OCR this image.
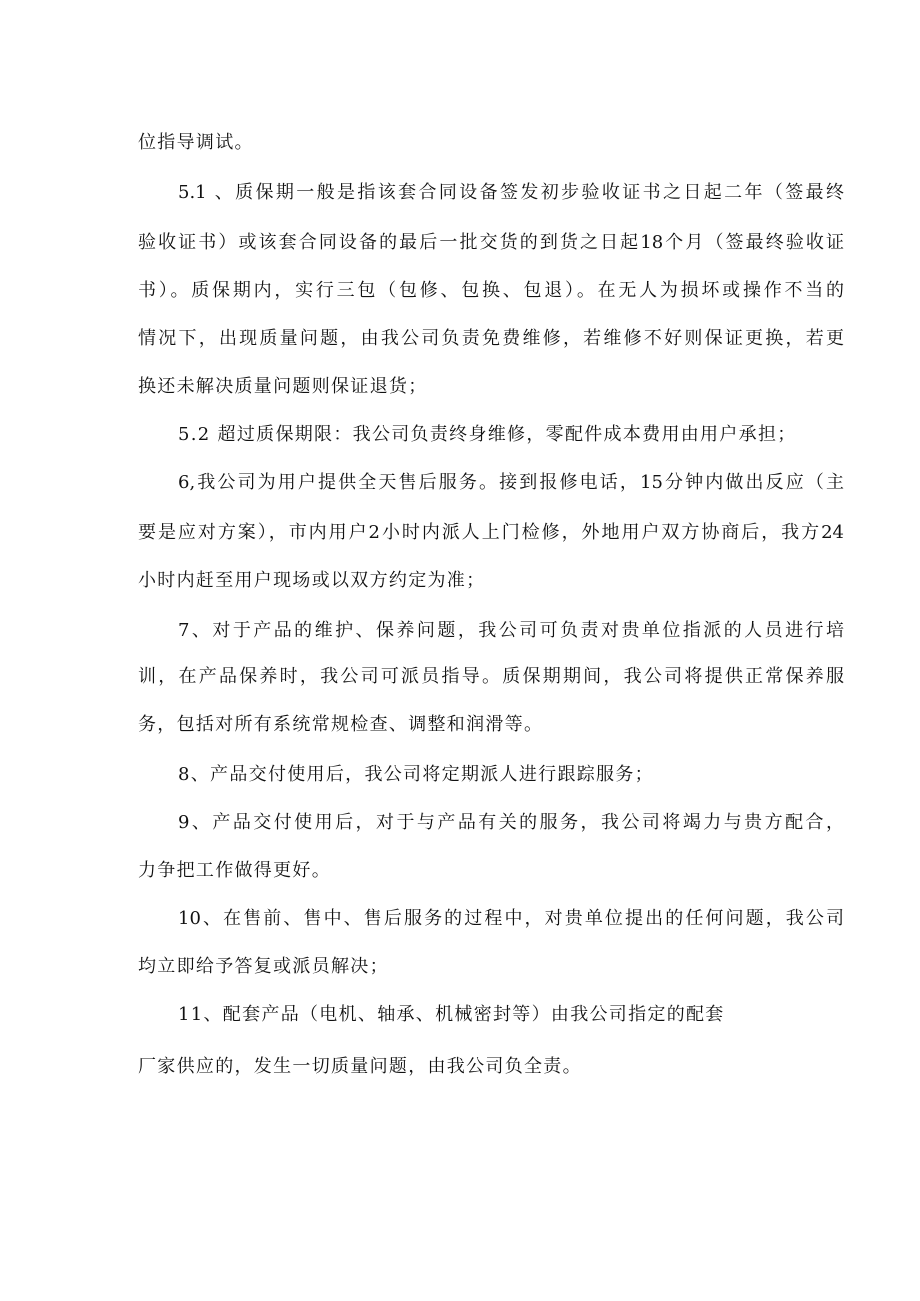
位指导调试。
5.1 、质保期一般是指该套合同设备签发初步验收证书之日起二年（签最终
验收证书）或该套合同设备的最后一批交货的到货之日起18个月（签最终验收证
书）。质保期内，实行三包（包修、包换、包退）。在无人为损坏或操作不当的
情况下，出现质量问题，由我公司负责免费维修，若维修不好则保证更换，若更
换还未解决质量问题则保证退货；
5.2 超过质保期限：我公司负责终身维修，零配件成本费用由用户承担；
6,我公司为用户提供全天售后服务。接到报修电话，15分钟内做出反应（主
要是应对方案），市内用户2小时内派人上门检修，外地用户双方协商后，我方24
小时内赶至用户现场或以双方约定为准；
7、对于产品的维护、保养问题，我公司可负责对贵单位指派的人员进行培
训，在产品保养时，我公司可派员指导。质保期期间，我公司将提供正常保养服
务，包括对所有系统常规检查、调整和润滑等。
8、产品交付使用后，我公司将定期派人进行跟踪服务；
9、产品交付使用后，对于与产品有关的服务，我公司将竭力与贵方配合，
力争把工作做得更好。
10、在售前、售中、售后服务的过程中，对贵单位提出的任何问题，我公司
均立即给予答复或派员解决；
11、配套产品（电机、轴承、机械密封等）由我公司指定的配套
厂家供应的，发生一切质量问题，由我公司负全责。
